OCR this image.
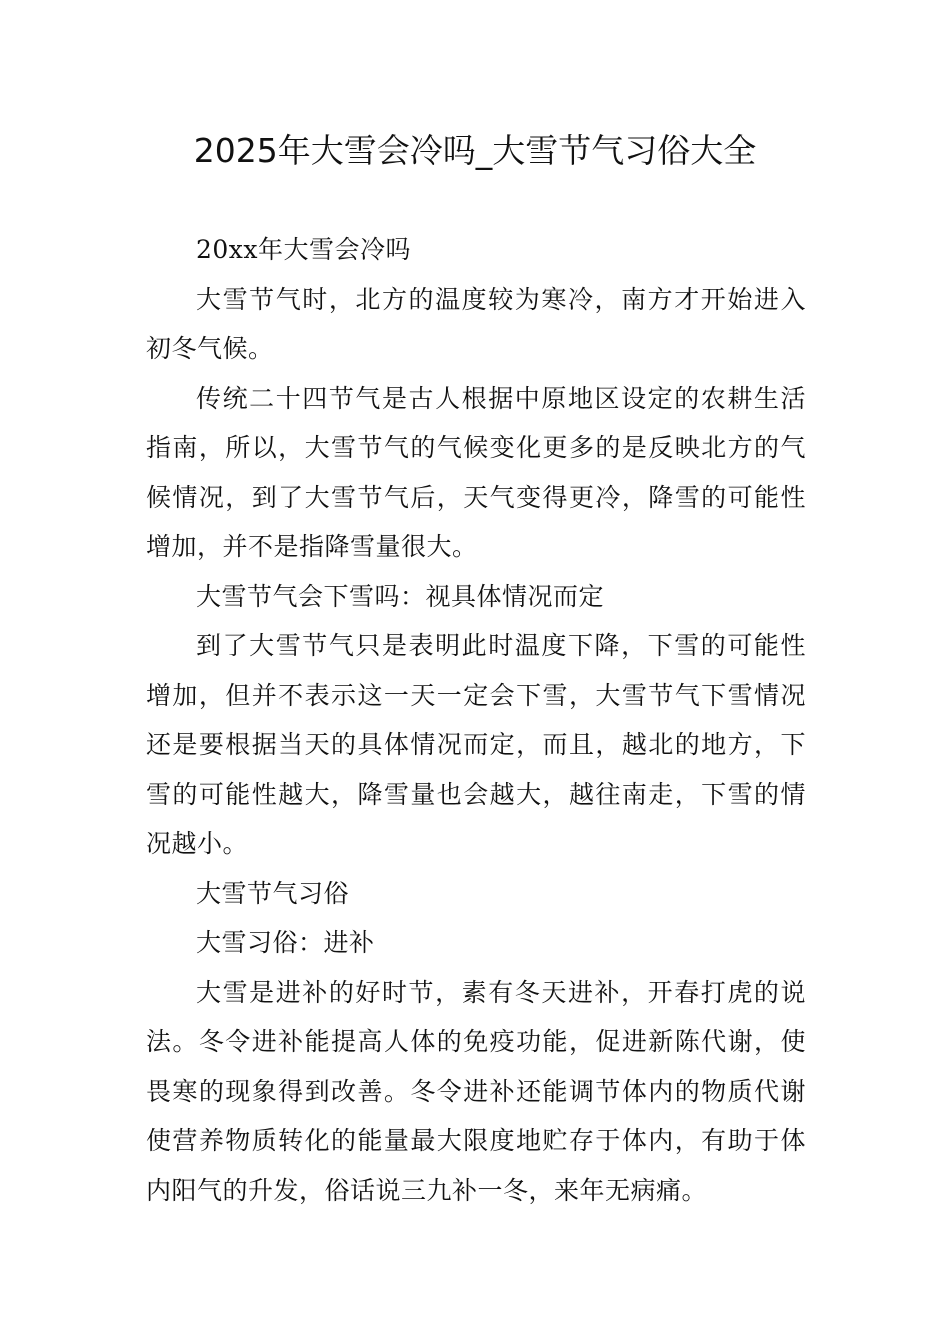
2025年大雪会冷吗_大雪节气习俗大全

20xx年大雪会冷吗

大雪节气时，北方的温度较为寒冷，南方才开始进入初冬气候。

传统二十四节气是古人根据中原地区设定的农耕生活指南，所以，大雪节气的气候变化更多的是反映北方的气候情况，到了大雪节气后，天气变得更冷，降雪的可能性增加，并不是指降雪量很大。

大雪节气会下雪吗：视具体情况而定

到了大雪节气只是表明此时温度下降，下雪的可能性增加，但并不表示这一天一定会下雪，大雪节气下雪情况还是要根据当天的具体情况而定，而且，越北的地方，下雪的可能性越大，降雪量也会越大，越往南走，下雪的情况越小。

大雪节气习俗

大雪习俗：进补

大雪是进补的好时节，素有冬天进补，开春打虎的说法。冬令进补能提高人体的免疫功能，促进新陈代谢，使畏寒的现象得到改善。冬令进补还能调节体内的物质代谢使营养物质转化的能量最大限度地贮存于体内，有助于体内阳气的升发，俗话说三九补一冬，来年无病痛。
